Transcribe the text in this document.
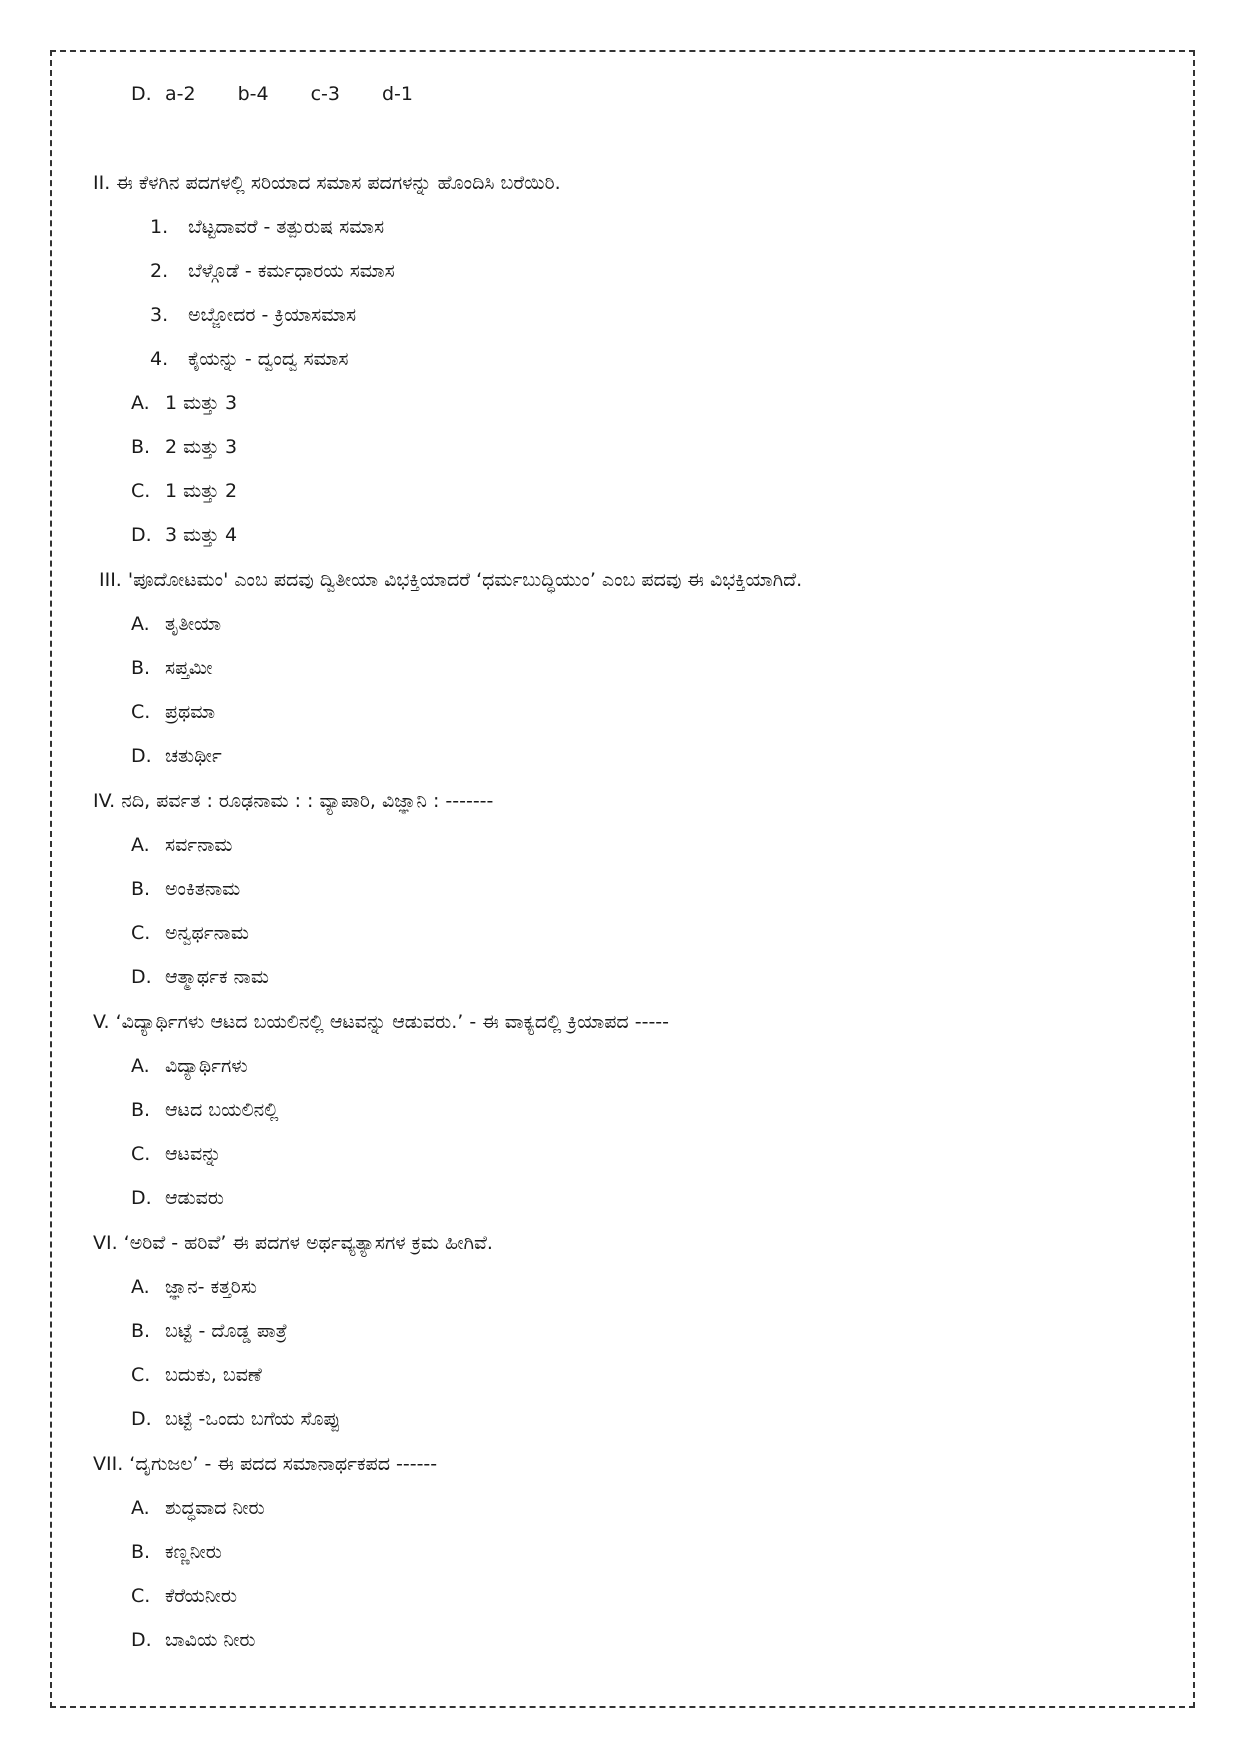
D. a-2 b-4 c-3 d-1
II. ಈ ಕೆಳಗಿನ ಪದಗಳಲ್ಲಿ ಸರಿಯಾದ ಸಮಾಸ ಪದಗಳನ್ನು ಹೊಂದಿಸಿ ಬರೆಯಿರಿ.
1. ಬೆಟ್ಟದಾವರೆ - ತತ್ಪುರುಷ ಸಮಾಸ
2. ಬೆಳ್ಗೊಡೆ - ಕರ್ಮಧಾರಯ ಸಮಾಸ
3. ಅಬ್ಜೋದರ - ಕ್ರಿಯಾಸಮಾಸ
4. ಕೈಯನ್ನು - ದ್ವಂದ್ವ ಸಮಾಸ
A. 1 ಮತ್ತು 3
B. 2 ಮತ್ತು 3
C. 1 ಮತ್ತು 2
D. 3 ಮತ್ತು 4
III. 'ಪೂದೋಟಮಂ' ಎಂಬ ಪದವು ದ್ವಿತೀಯಾ ವಿಭಕ್ತಿಯಾದರೆ ‘ಧರ್ಮಬುದ್ಧಿಯುಂ’ ಎಂಬ ಪದವು ಈ ವಿಭಕ್ತಿಯಾಗಿದೆ.
A. ತೃತೀಯಾ
B. ಸಪ್ತಮೀ
C. ಪ್ರಥಮಾ
D. ಚತುರ್ಥೀ
IV. ನದಿ, ಪರ್ವತ : ರೂಢನಾಮ : : ವ್ಯಾಪಾರಿ, ವಿಜ್ಞಾನಿ : -------
A. ಸರ್ವನಾಮ
B. ಅಂಕಿತನಾಮ
C. ಅನ್ವರ್ಥನಾಮ
D. ಆತ್ಮಾರ್ಥಕ ನಾಮ
V. ‘ವಿದ್ಯಾರ್ಥಿಗಳು ಆಟದ ಬಯಲಿನಲ್ಲಿ ಆಟವನ್ನು ಆಡುವರು.’ - ಈ ವಾಕ್ಯದಲ್ಲಿ ಕ್ರಿಯಾಪದ -----
A. ವಿದ್ಯಾರ್ಥಿಗಳು
B. ಆಟದ ಬಯಲಿನಲ್ಲಿ
C. ಆಟವನ್ನು
D. ಆಡುವರು
VI. ‘ಅರಿವೆ - ಹರಿವೆ’ ಈ ಪದಗಳ ಅರ್ಥವ್ಯತ್ಯಾಸಗಳ ಕ್ರಮ ಹೀಗಿವೆ.
A. ಜ್ಞಾನ- ಕತ್ತರಿಸು
B. ಬಟ್ಟೆ - ದೊಡ್ಡ ಪಾತ್ರೆ
C. ಬದುಕು, ಬವಣೆ
D. ಬಟ್ಟೆ -ಒಂದು ಬಗೆಯ ಸೊಪ್ಪು
VII. ‘ದೃಗುಜಲ’ - ಈ ಪದದ ಸಮಾನಾರ್ಥಕಪದ ------
A. ಶುದ್ಧವಾದ ನೀರು
B. ಕಣ್ಣನೀರು
C. ಕೆರೆಯನೀರು
D. ಬಾವಿಯ ನೀರು
